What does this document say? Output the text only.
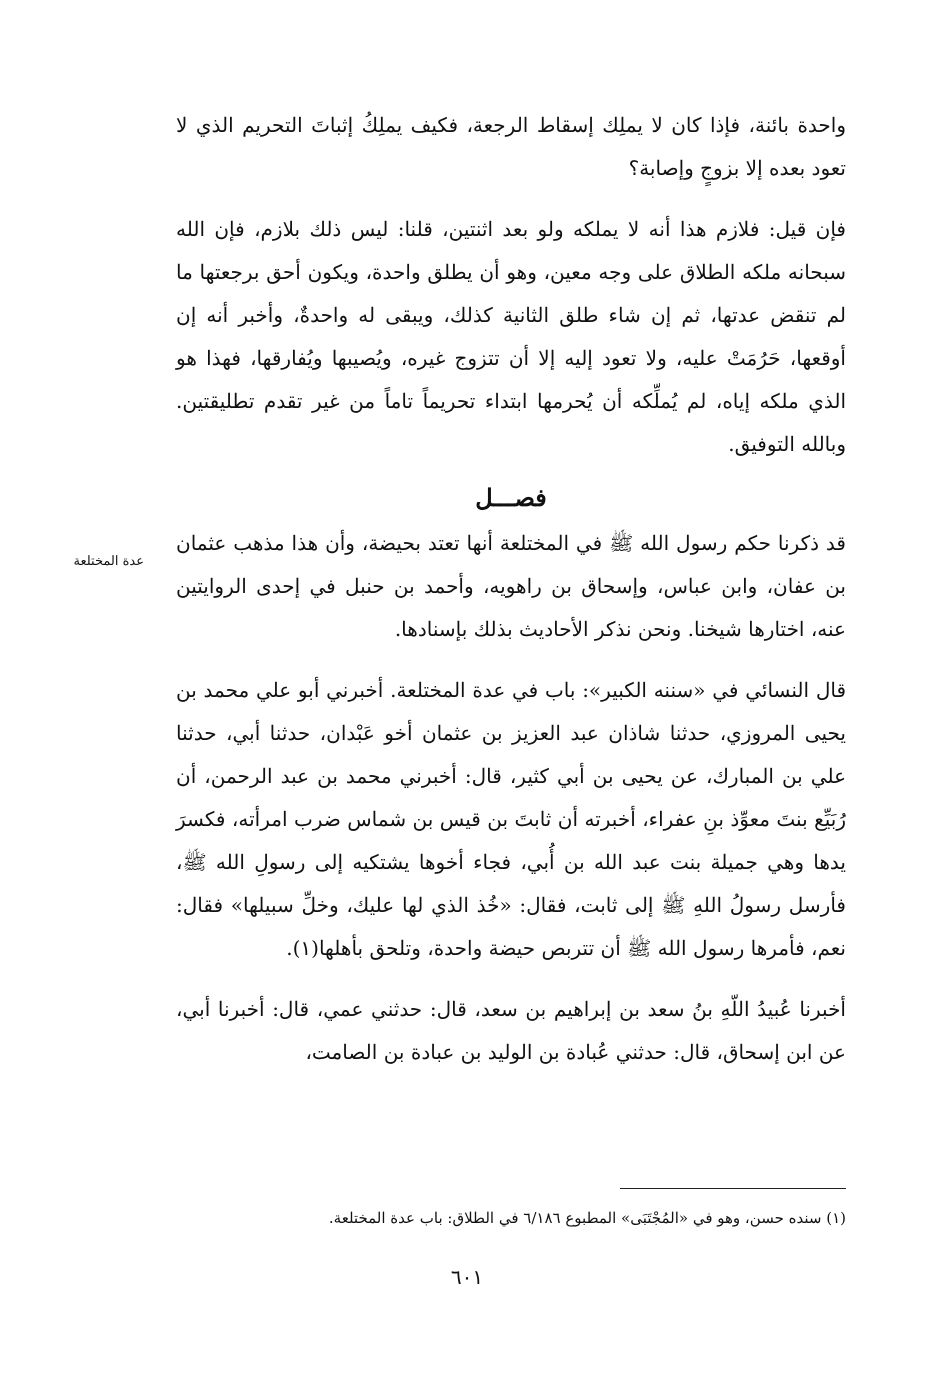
واحدة بائنة، فإذا كان لا يملِك إسقاط الرجعة، فكيف يملِكُ إثباتَ التحريم الذي لا تعود بعده إلا بزوجٍ وإصابة؟

فإن قيل: فلازم هذا أنه لا يملكه ولو بعد اثنتين، قلنا: ليس ذلك بلازم، فإن الله سبحانه ملكه الطلاق على وجه معين، وهو أن يطلق واحدة، ويكون أحق برجعتها ما لم تنقض عدتها، ثم إن شاء طلق الثانية كذلك، ويبقى له واحدةٌ، وأخبر أنه إن أوقعها، حَرُمَتْ عليه، ولا تعود إليه إلا أن تتزوج غيره، ويُصيبها ويُفارقها، فهذا هو الذي ملكه إياه، لم يُملِّكه أن يُحرمها ابتداء تحريماً تاماً من غير تقدم تطليقتين. وبالله التوفيق.

فصـــل

قد ذكرنا حكم رسول الله ﷺ في المختلعة أنها تعتد بحيضة، وأن هذا مذهب عثمان بن عفان، وابن عباس، وإسحاق بن راهويه، وأحمد بن حنبل في إحدى الروايتين عنه، اختارها شيخنا. ونحن نذكر الأحاديث بذلك بإسنادها.

قال النسائي في «سننه الكبير»: باب في عدة المختلعة. أخبرني أبو علي محمد بن يحيى المروزي، حدثنا شاذان عبد العزيز بن عثمان أخو عَبْدان، حدثنا أبي، حدثنا علي بن المبارك، عن يحيى بن أبي كثير، قال: أخبرني محمد بن عبد الرحمن، أن رُبَيِّع بنتَ معوِّذ بنِ عفراء، أخبرته أن ثابتَ بن قيس بن شماس ضرب امرأته، فكسرَ يدها وهي جميلة بنت عبد الله بن أُبي، فجاء أخوها يشتكيه إلى رسولِ الله ﷺ، فأرسل رسولُ اللهِ ﷺ إلى ثابت، فقال: «خُذ الذي لها عليك، وخلِّ سبيلها» فقال: نعم، فأمرها رسول الله ﷺ أن تتربص حيضة واحدة، وتلحق بأهلها(١).

أخبرنا عُبيدُ اللّهِ بنُ سعد بن إبراهيم بن سعد، قال: حدثني عمي، قال: أخبرنا أبي، عن ابن إسحاق، قال: حدثني عُبادة بن الوليد بن عبادة بن الصامت،

عدة المختلعة
(١) سنده حسن، وهو في «المُجْتَبَى» المطبوع ٦/١٨٦ في الطلاق: باب عدة المختلعة.
٦٠١
